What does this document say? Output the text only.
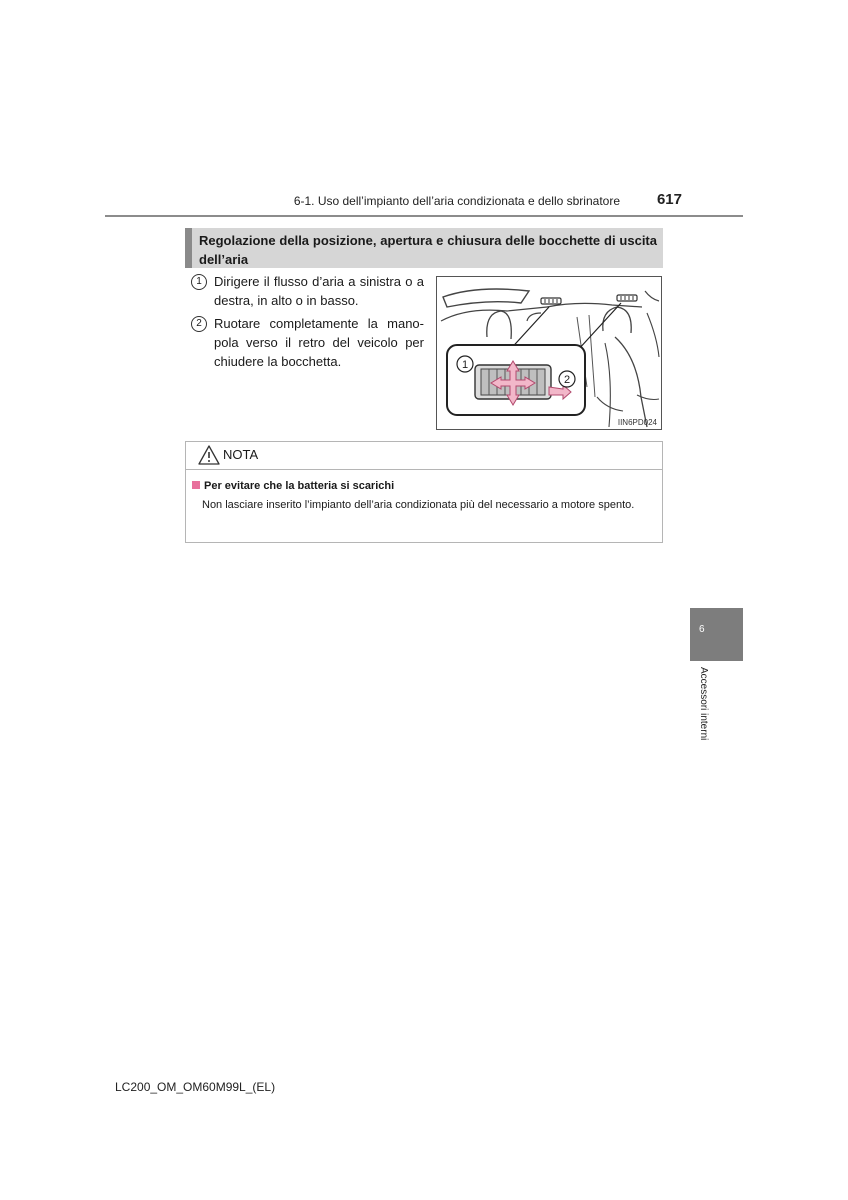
6-1. Uso dell’impianto dell’aria condizionata e dello sbrinatore	617
Regolazione della posizione, apertura e chiusura delle bocchette di uscita dell’aria
1 Dirigere il flusso d’aria a sinistra o a destra, in alto o in basso.
2 Ruotare completamente la mano-pola verso il retro del veicolo per chiudere la bocchetta.	1
2
IIN6PD024
NOTA
Per evitare che la batteria si scarichi
Non lasciare inserito l’impianto dell’aria condizionata più del necessario a motore spento.
6
Accessori interni
LC200_OM_OM60M99L_(EL)
